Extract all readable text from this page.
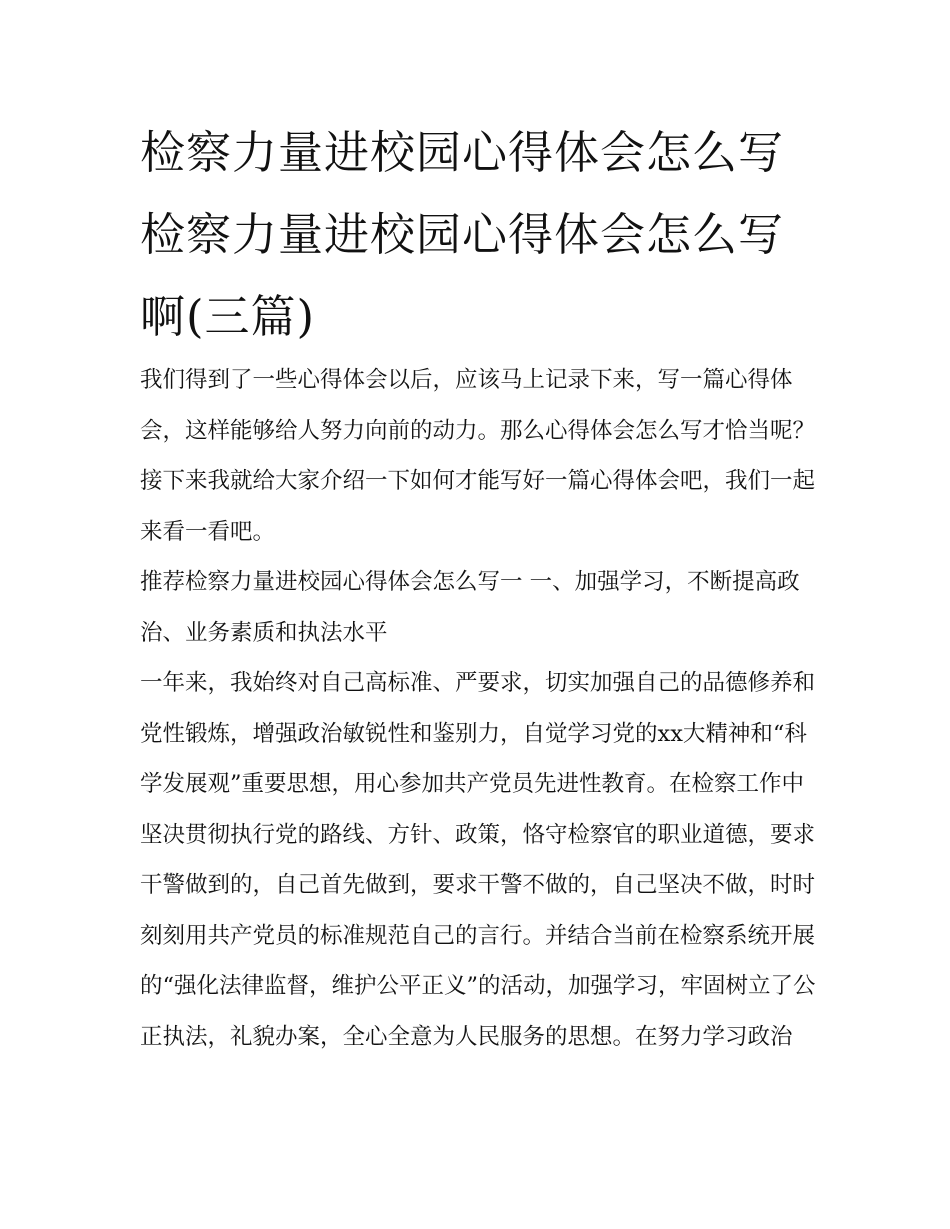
检察力量进校园心得体会怎么写 检察力量进校园心得体会怎么写啊(三篇)

我们得到了一些心得体会以后，应该马上记录下来，写一篇心得体会，这样能够给人努力向前的动力。那么心得体会怎么写才恰当呢？接下来我就给大家介绍一下如何才能写好一篇心得体会吧，我们一起来看一看吧。

推荐检察力量进校园心得体会怎么写一 一、加强学习，不断提高政治、业务素质和执法水平

一年来，我始终对自己高标准、严要求，切实加强自己的品德修养和党性锻炼，增强政治敏锐性和鉴别力，自觉学习党的xx大精神和“科学发展观”重要思想，用心参加共产党员先进性教育。在检察工作中坚决贯彻执行党的路线、方针、政策，恪守检察官的职业道德，要求干警做到的，自己首先做到，要求干警不做的，自己坚决不做，时时刻刻用共产党员的标准规范自己的言行。并结合当前在检察系统开展的“强化法律监督，维护公平正义”的活动，加强学习，牢固树立了公正执法，礼貌办案，全心全意为人民服务的思想。在努力学习政治
